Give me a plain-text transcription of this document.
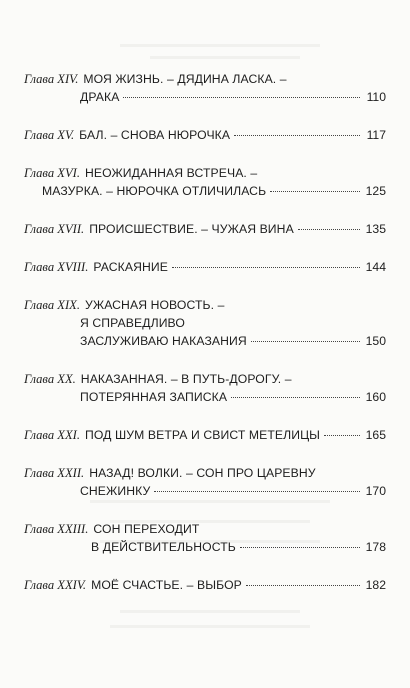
Глава XIV. МОЯ ЖИЗНЬ. – ДЯДИНА ЛАСКА. –
ДРАКА	110
Глава XV. БАЛ. – СНОВА НЮРОЧКА	117
Глава XVI. НЕОЖИДАННАЯ ВСТРЕЧА. –
МАЗУРКА. – НЮРОЧКА ОТЛИЧИЛАСЬ	125
Глава XVII. ПРОИСШЕСТВИЕ. – ЧУЖАЯ ВИНА	135
Глава XVIII. РАСКАЯНИЕ	144
Глава XIX. УЖАСНАЯ НОВОСТЬ. –
Я СПРАВЕДЛИВО
ЗАСЛУЖИВАЮ НАКАЗАНИЯ	150
Глава XX. НАКАЗАННАЯ. – В ПУТЬ-ДОРОГУ. –
ПОТЕРЯННАЯ ЗАПИСКА	160
Глава XXI. ПОД ШУМ ВЕТРА И СВИСТ МЕТЕЛИЦЫ	165
Глава XXII. НАЗАД! ВОЛКИ. – СОН ПРО ЦАРЕВНУ
СНЕЖИНКУ	170
Глава XXIII. СОН ПЕРЕХОДИТ
В ДЕЙСТВИТЕЛЬНОСТЬ	178
Глава XXIV. МОЁ СЧАСТЬЕ. – ВЫБОР	182
